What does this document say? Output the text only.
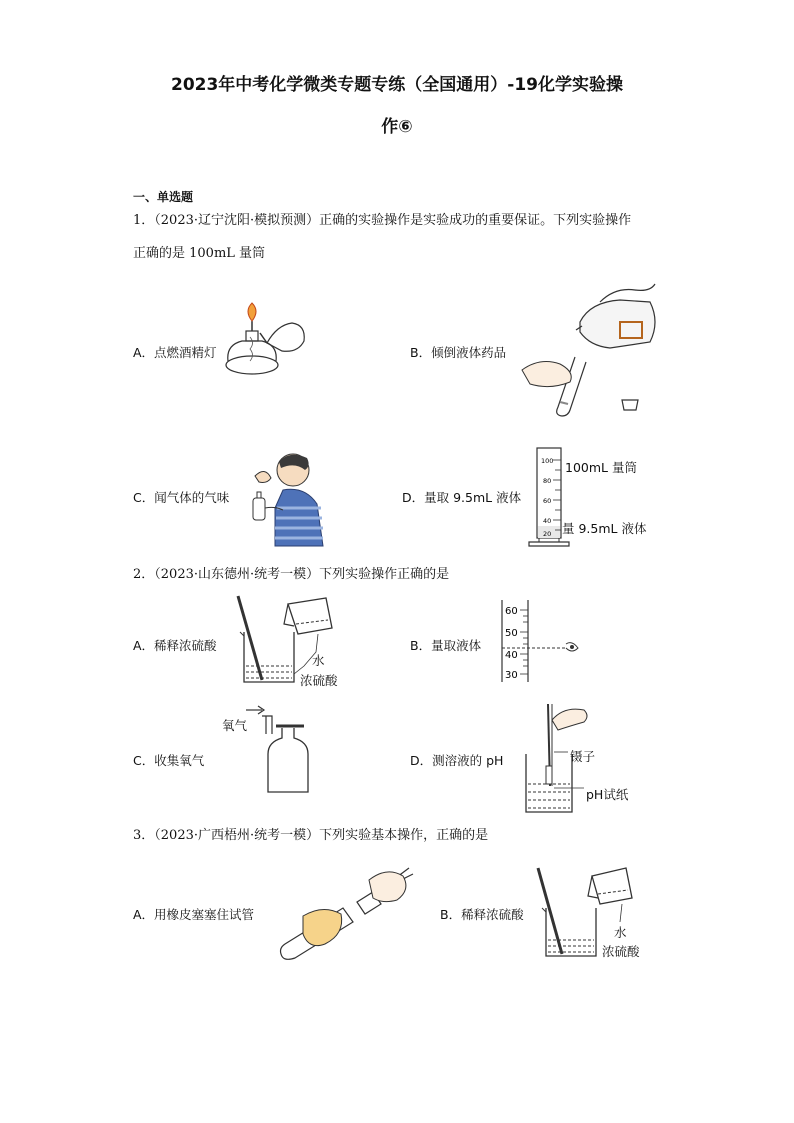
2023年中考化学微类专题专练（全国通用）-19化学实验操
作⑥
一、单选题
1．（2023·辽宁沈阳·模拟预测）正确的实验操作是实验成功的重要保证。下列实验操作
正确的是 100mL 量筒
A．点燃酒精灯	B．倾倒液体药品
C．闻气体的气味	D．量取 9.5mL 液体
100
80
60
40
20
100mL 量筒
量 9.5mL 液体
2．（2023·山东德州·统考一模）下列实验操作正确的是
A．稀释浓硫酸
水
浓硫酸
B．量取液体
60
50
40
30
C．收集氧气
氧气
D．测溶液的 pH	镊子
pH试纸
3．（2023·广西梧州·统考一模）下列实验基本操作，正确的是
A．用橡皮塞塞住试管	B．稀释浓硫酸
水
浓硫酸
